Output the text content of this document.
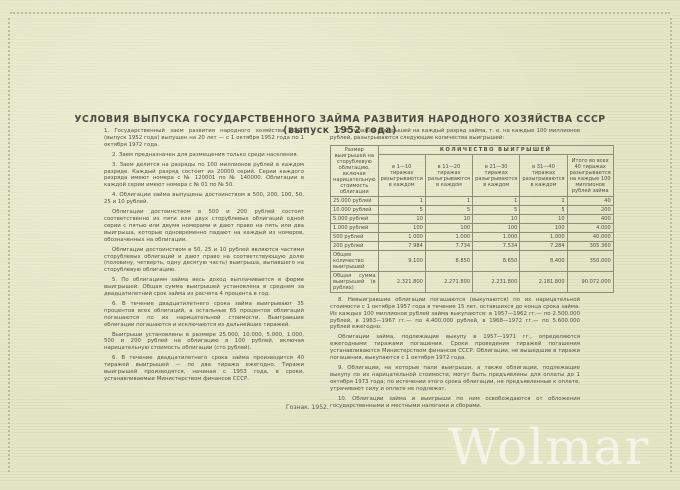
УСЛОВИЯ ВЫПУСКА ГОСУДАРСТВЕННОГО ЗАЙМА РАЗВИТИЯ НАРОДНОГО ХОЗЯЙСТВА СССР (выпуск 1952 года)

1. Государственный заем развития народного хозяйства СССР (выпуск 1952 года) выпущен на 20 лет — с 1 октября 1952 года по 1 октября 1972 года.

2. Заем предназначен для размещения только среди населения.

3. Заем делится на разряды по 100 миллионов рублей в каждом разряде. Каждый разряд состоит из 20000 серий. Серии каждого разряда имеют номера с № 120001 по № 140000. Облигации в каждой серии имеют номера с № 01 по № 50.

4. Облигации займа выпущены достоинством в 500, 200, 100, 50, 25 и 10 рублей.

Облигации достоинством в 500 и 200 рублей состоят соответственно из пяти или двух сторублевых облигаций одной серии с пятью или двумя номерами и дают право на пять или два выигрыша, которые одновременно падают на каждый из номеров, обозначенных на облигации.

Облигации достоинством в 50, 25 и 10 рублей являются частями сторублевых облигаций и дают право на соответствующую долю (половину, четверть, одну десятую часть) выигрыша, выпавшего на сторублевую облигацию.

5. По облигациям займа весь доход выплачивается в форме выигрышей. Общая сумма выигрышей установлена в среднем за двадцатилетний срок займа из расчета 4 процента в год.

6. В течение двадцатилетнего срока займа выигрывают 35 процентов всех облигаций, а остальные 65 процентов облигаций погашаются по их нарицательной стоимости. Выигравшие облигации погашаются и исключаются из дальнейших тиражей.

Выигрыши установлены в размере 25.000, 10.000, 5.000, 1.000, 500 и 200 рублей на облигацию в 100 рублей, включая нарицательную стоимость облигации (сто рублей).

6. В течение двадцатилетнего срока займа производится 40 тиражей выигрышей — по два тиража ежегодно. Тиражи выигрышей производятся, начиная с 1953 года, в сроки, устанавливаемые Министерством финансов СССР.

7. В тиражах выигрышей на каждый разряд займа, т. е. на каждые 100 миллионов рублей, разыгрываются следующие количества выигрышей:

Размер выигрышей на сторублевую облигацию, включая нарицательную стоимость облигации	КОЛИЧЕСТВО ВЫИГРЫШЕЙ				
	в 1—10 тиражах разыгрываются в каждом	в 11—20 тиражах разыгрываются в каждом	в 21—30 тиражах разыгрываются в каждом	в 31—40 тиражах разыгрываются в каждом	Итого во всех 40 тиражах разыгрывается на каждые 100 миллионов рублей займа
25.000 рублей	1	1	1	1	40
10.000 рублей	5	5	5	5	200
5.000 рублей	10	10	10	10	400
1.000 рублей	100	100	100	100	4.000
500 рублей	1.000	1.000	1.000	1.000	40.000
200 рублей	7.984	7.734	7.534	7.284	305.360
Общее количество выигрышей	9.100	8.850	8.650	8.400	350.000
Общая сумма выигрышей (в рублях)	2.321.800	2.271.800	2.231.800	2.181.800	90.072.000

8. Невыигравшие облигации погашаются (выкупаются) по их нарицательной стоимости с 1 октября 1957 года в течение 15 лет, оставшихся до конца срока займа. Из каждых 100 миллионов рублей займа выкупаются: в 1957—1962 гг.— по 2.500.000 рублей, в 1963—1967 гг.— по 4.400.000 рублей, в 1968—1972 гг.— по 5.600.000 рублей ежегодно.

Облигации займа, подлежащие выкупу в 1957—1971 гг., определяются ежегодными тиражами погашения. Сроки проведения тиражей погашения устанавливаются Министерством финансов СССР. Облигации, не вышедшие в тиражи погашения, выкупаются с 1 октября 1972 года.

9. Облигации, на которые пали выигрыши, а также облигации, подлежащие выкупу по их нарицательной стоимости, могут быть предъявлены для оплаты до 1 октября 1973 года; по истечении этого срока облигации, не предъявленные к оплате, утрачивают силу и оплате не подлежат.

10. Облигации займа и выигрыши по ним освобождаются от обложения государственными и местными налогами и сборами.

Гознак. 1952.
Wolmar
